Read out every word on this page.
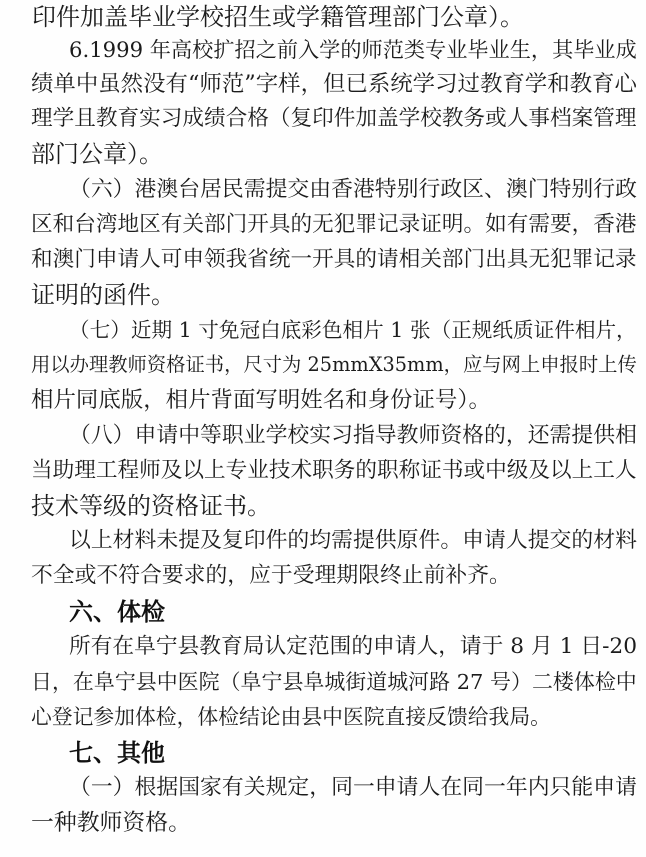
印件加盖毕业学校招生或学籍管理部门公章）。
6.1999 年高校扩招之前入学的师范类专业毕业生，其毕业成
绩单中虽然没有“师范”字样，但已系统学习过教育学和教育心
理学且教育实习成绩合格（复印件加盖学校教务或人事档案管理
部门公章）。
（六）港澳台居民需提交由香港特别行政区、澳门特别行政
区和台湾地区有关部门开具的无犯罪记录证明。如有需要，香港
和澳门申请人可申领我省统一开具的请相关部门出具无犯罪记录
证明的函件。
（七）近期 1 寸免冠白底彩色相片 1 张（正规纸质证件相片，
用以办理教师资格证书，尺寸为 25mmX35mm，应与网上申报时上传
相片同底版，相片背面写明姓名和身份证号）。
（八）申请中等职业学校实习指导教师资格的，还需提供相
当助理工程师及以上专业技术职务的职称证书或中级及以上工人
技术等级的资格证书。
以上材料未提及复印件的均需提供原件。申请人提交的材料
不全或不符合要求的，应于受理期限终止前补齐。
六、体检
所有在阜宁县教育局认定范围的申请人，请于 8 月 1 日-20
日，在阜宁县中医院（阜宁县阜城街道城河路 27 号）二楼体检中
心登记参加体检，体检结论由县中医院直接反馈给我局。
七、其他
（一）根据国家有关规定，同一申请人在同一年内只能申请
一种教师资格。
